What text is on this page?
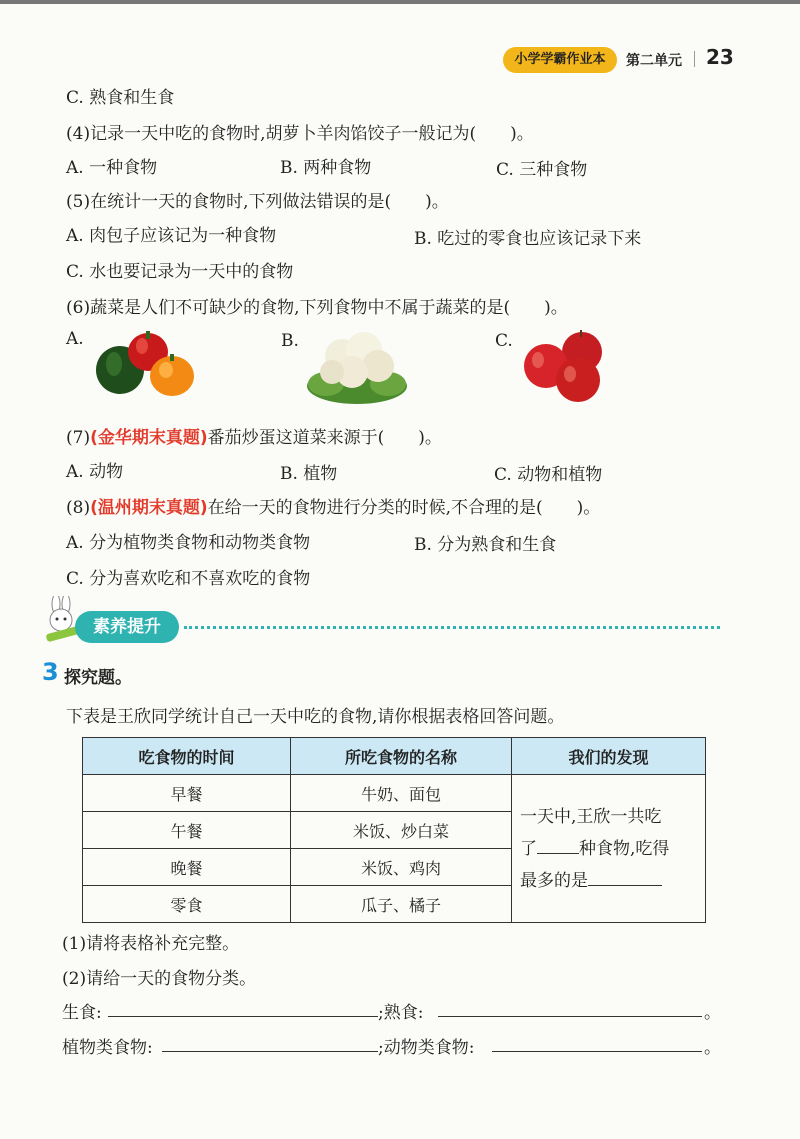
小学学霸作业本	第二单元 23
C. 熟食和生食
(4)记录一天中吃的食物时,胡萝卜羊肉馅饺子一般记为(　　)。
A. 一种食物	B. 两种食物	C. 三种食物
(5)在统计一天的食物时,下列做法错误的是(　　)。
A. 肉包子应该记为一种食物	B. 吃过的零食也应该记录下来
C. 水也要记录为一天中的食物
(6)蔬菜是人们不可缺少的食物,下列食物中不属于蔬菜的是(　　)。
A.	B.	C.
(7)(金华期末真题)番茄炒蛋这道菜来源于(　　)。
A. 动物	B. 植物	C. 动物和植物
(8)(温州期末真题)在给一天的食物进行分类的时候,不合理的是(　　)。
A. 分为植物类食物和动物类食物	B. 分为熟食和生食
C. 分为喜欢吃和不喜欢吃的食物
素养提升
3 探究题。
下表是王欣同学统计自己一天中吃的食物,请你根据表格回答问题。
吃食物的时间	所吃食物的名称	我们的发现
早餐	牛奶、面包	一天中,王欣一共吃
了 种食物,吃得
最多的是

午餐	米饭、炒白菜	
晚餐	米饭、鸡肉	
零食	瓜子、橘子	
(1)请将表格补充完整。
(2)请给一天的食物分类。
生食:	;熟食:	。
植物类食物:	;动物类食物:	。
